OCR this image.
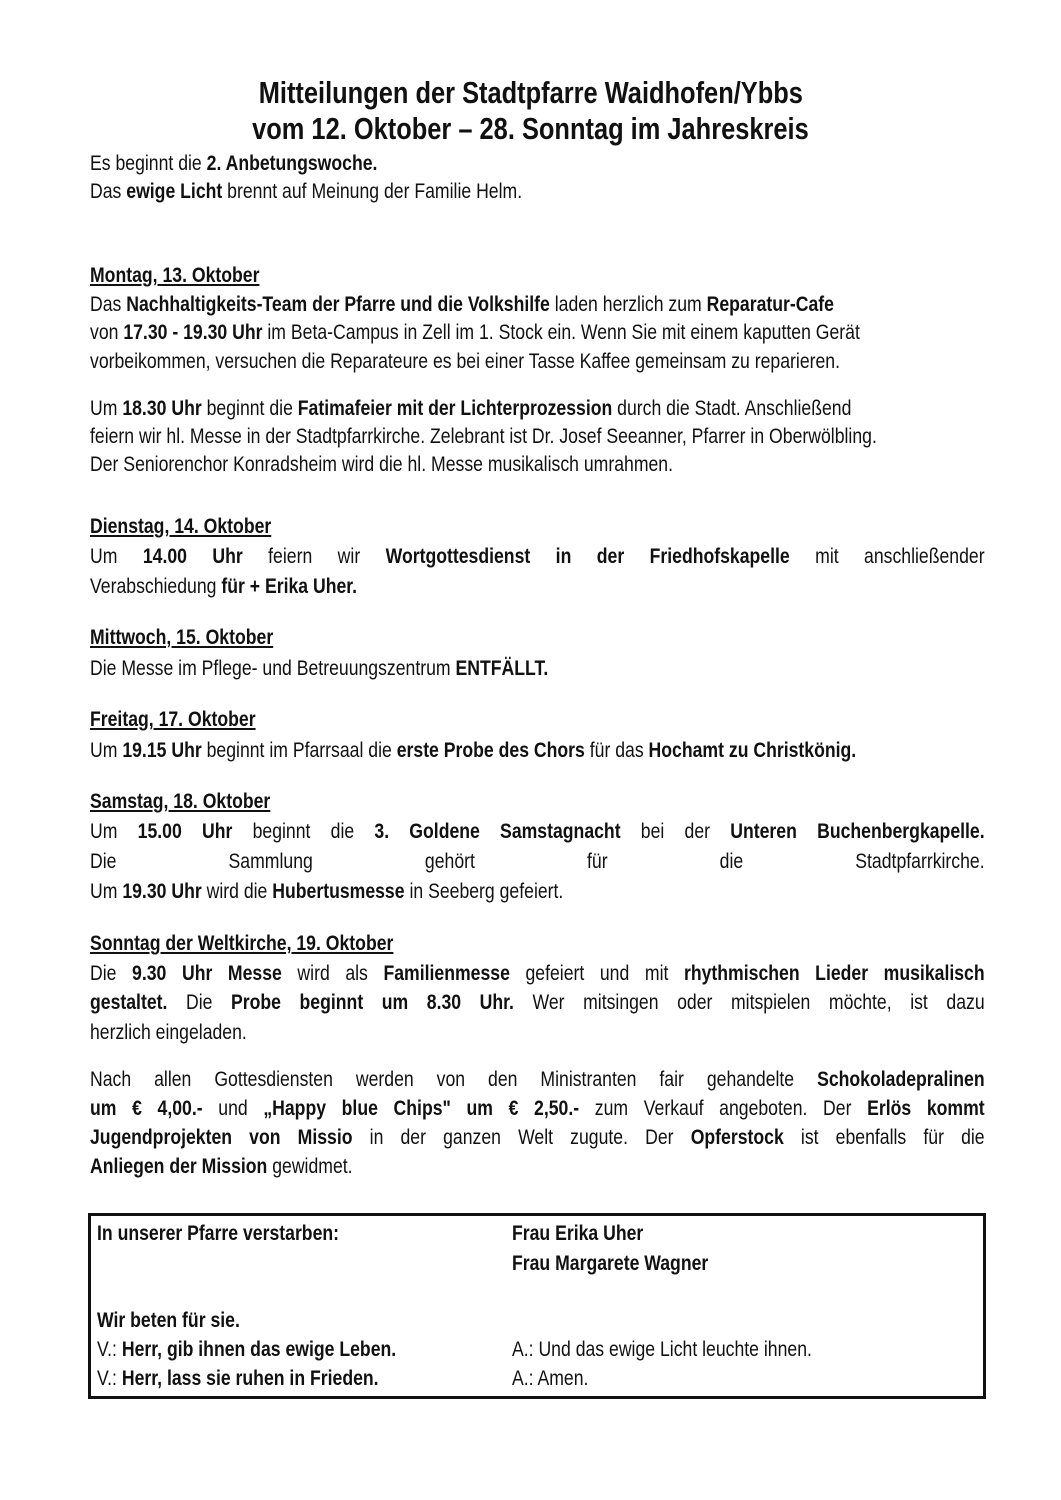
Mitteilungen der Stadtpfarre Waidhofen/Ybbs
vom 12. Oktober – 28. Sonntag im Jahreskreis
Es beginnt die 2. Anbetungswoche.
Das ewige Licht brennt auf Meinung der Familie Helm.
Montag, 13. Oktober
Das Nachhaltigkeits-Team der Pfarre und die Volkshilfe laden herzlich zum Reparatur-Cafe
von 17.30 - 19.30 Uhr im Beta-Campus in Zell im 1. Stock ein. Wenn Sie mit einem kaputten Gerät
vorbeikommen, versuchen die Reparateure es bei einer Tasse Kaffee gemeinsam zu reparieren.
Um 18.30 Uhr beginnt die Fatimafeier mit der Lichterprozession durch die Stadt. Anschließend
feiern wir hl. Messe in der Stadtpfarrkirche. Zelebrant ist Dr. Josef Seeanner, Pfarrer in Oberwölbling.
Der Seniorenchor Konradsheim wird die hl. Messe musikalisch umrahmen.
Dienstag, 14. Oktober
Um 14.00 Uhr feiern wir Wortgottesdienst in der Friedhofskapelle mit anschließender
Verabschiedung für + Erika Uher.
Mittwoch, 15. Oktober
Die Messe im Pflege- und Betreuungszentrum ENTFÄLLT.
Freitag, 17. Oktober
Um 19.15 Uhr beginnt im Pfarrsaal die erste Probe des Chors für das Hochamt zu Christkönig.
Samstag, 18. Oktober
Um 15.00 Uhr beginnt die 3. Goldene Samstagnacht bei der Unteren Buchenbergkapelle.
Die Sammlung gehört für die Stadtpfarrkirche.
Um 19.30 Uhr wird die Hubertusmesse in Seeberg gefeiert.
Sonntag der Weltkirche, 19. Oktober
Die 9.30 Uhr Messe wird als Familienmesse gefeiert und mit rhythmischen Lieder musikalisch
gestaltet. Die Probe beginnt um 8.30 Uhr. Wer mitsingen oder mitspielen möchte, ist dazu
herzlich eingeladen.
Nach allen Gottesdiensten werden von den Ministranten fair gehandelte Schokoladepralinen
um € 4,00.- und „Happy blue Chips" um € 2,50.- zum Verkauf angeboten. Der Erlös kommt
Jugendprojekten von Missio in der ganzen Welt zugute. Der Opferstock ist ebenfalls für die
Anliegen der Mission gewidmet.
In unserer Pfarre verstarben:	Frau Erika Uher
Frau Margarete Wagner
Wir beten für sie.
V.: Herr, gib ihnen das ewige Leben.	A.: Und das ewige Licht leuchte ihnen.
V.: Herr, lass sie ruhen in Frieden.	A.: Amen.
